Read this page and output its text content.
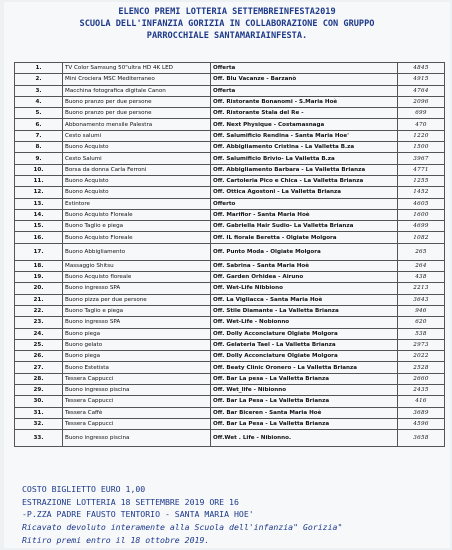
ELENCO PREMI LOTTERIA SETTEMBREINFESTA2019
SCUOLA DELL'INFANZIA GORIZIA IN COLLABORAZIONE CON GRUPPO
PARROCCHIALE SANTAMARIAINFESTA.
1.	TV Color Samsung 50"ultra HD 4K LED	Offerta	4845
2.	Mini Crociera MSC Mediterraneo	Off. Blu Vacanze - Barzanò	4915
3.	Macchina fotografica digitale Canon	Offerta	4764
4.	Buono pranzo per due persone	Off. Ristorante Bonanomi - S.Maria Hoè	2096
5.	Buono pranzo per due persone	Off. Ristorante Stala del Re -	699
6.	Abbonamento mensile Palestra	Off. Next Physique - Costamasnaga	470
7.	Cesto salumi	Off. Salumificio Rendina - Santa Maria Hoe'	1220
8.	Buono Acquisto	Off. Abbigliamento Cristina - La Valletta B.za	1500
9.	Cesto Salumi	Off. Salumificio Brivio- La Valletta B.za	3967
10.	Borsa da donna Carla Ferroni	Off. Abbigliamento Barbara - La Valletta Brianza	4771
11.	Buono Acquisto	Off. Cartoleria Pico e Chica - La Valletta Brianza	1255
12.	Buono Acquisto	Off. Ottica Agostoni - La Valletta Brianza	1452
13.	Estintore	Offerto	4605
14.	Buono Acquisto Floreale	Off. Marifior - Santa Maria Hoè	1600
15.	Buono Taglio e piega	Off. Gabriella Hair Sudio- La Valletta Brianza	4699
16.	Buono Acquisto Floreale	Off. IL fiorale Beretta - Olgiate Molgora	1082
17.	Buono Abbigliamento	Off. Punto Moda - Olgiate Molgora	265
18.	Massaggio Shitsu	Off. Sabrina - Santa Maria Hoè	264
19.	Buono Acquisto floreale	Off. Garden Orhidea - Airuno	438
20.	Buono ingresso SPA	Off. Wet-Life Nibbiono	2213
21.	Buono pizza per due persone	Off. La Vigliacca - Santa Maria Hoè	3643
22.	Buono Taglio e piega	Off. Stile Diamante - La Valletta Brianza	946
23.	Buono ingresso SPA	Off. Wet-Life - Nobionno	620
24.	Buono piega	Off. Dolly Acconciature Olgiate Molgora	538
25.	Buono gelato	Off. Gelateria Tael - La Valletta Brianza	2973
26.	Buono piega	Off. Dolly Acconciature Olgiate Molgora	2022
27.	Buono Estetista	Off. Beaty Clinic Oronero - La Valletta Brianza	2528
28.	Tessera Cappucci	Off. Bar La pesa - La Valletta Brianza	2660
29.	Buono ingresso piscina	Off. Wet_life - Nibionno	2435
30.	Tessera Cappucci	Off. Bar La Pesa - La Valletta Brianza	416
31.	Tessera Caffè	Off. Bar Biceren - Santa Maria Hoè	3689
32.	Tessera Cappucci	Off. Bar La Pesa - La Valletta Brianza	4596
33.	Buono ingresso piscina	Off.Wet . Life - Nibionno.	3658
COSTO BIGLIETTO EURO 1,00
ESTRAZIONE LOTTERIA 18 SETTEMBRE 2019 ORE 16
-P.ZZA PADRE FAUSTO TENTORIO - SANTA MARIA HOE'
Ricavato devoluto interamente alla Scuola dell'infanzia" Gorizia"
Ritiro premi entro il 18 ottobre 2019.
